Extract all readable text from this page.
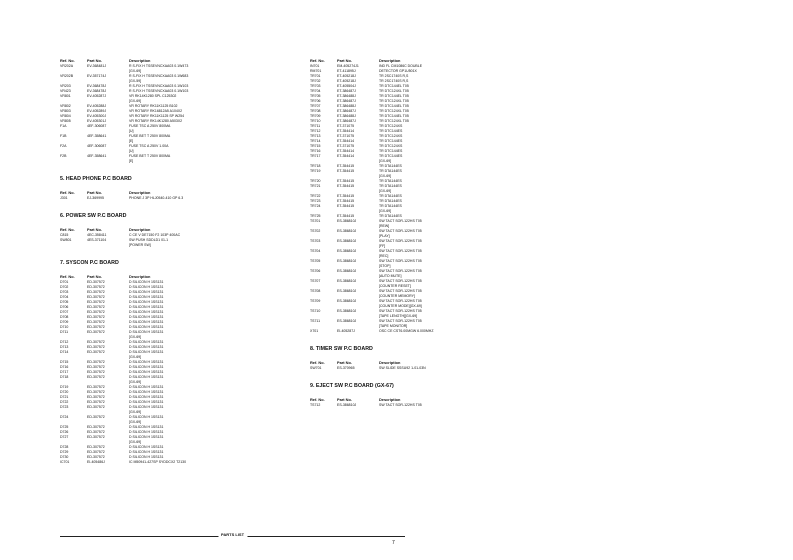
Ref. No.	Part No.	Description
VR202A	EV-368481J	R S-FIX H TSSEVNCXAA03 0.1W473
[GX-69]
VR202B	EV-357174J	R S-FIX H TSSEVNCXAA03 0.1W683
[GX-59]
VR203	EV-368478J	R S-FIX H TSSEVNCXAA03 0.1W103
VR423	EV-368478J	R S-FIX H TSSEVNCXAA03 0.1W103
VR801	EV-405287J	VR RK14K1280 SPL C125302
[GX-69]
VR802	EV-405288J	VR ROTARY RK11K1125 B102
VR803	EV-405289J	VR ROTARY RK16812A5 A104X2
VR804	EV-405300J	VR ROTARY RK11K1125 SP W254
VR805	EV-405301J	VR ROTARY RK14K1280 A503X2
F1A	4EF-306087	FUSE TSC A 250V 800MA
[U]
F1B	4EF-358641	FUSE BET T 250V 800MA
[E]
F2A	4EF-306087	FUSE TSC A 250V 1.00A
[U]
F2B	4EF-358641	FUSE BET T 250V 800MA
[E]
5. HEAD PHONE P.C BOARD
Ref. No.	Part No.	Description
J301	EJ-369995	PHONE J 3P HLJ0540-410 GP 6.3
6. POWER SW P.C BOARD
Ref. No.	Part No.	Description
C815	4EC-358411	C CE V DE7150 F2 103P 400AC
SW801	4ES-371104	SW PUSH SDDLD1 01-1
[POWER SW]
7. SYSCON P.C BOARD
Ref. No.	Part No.	Description
D701	ED-307572	D SILICON H 1SS131
D702	ED-307572	D SILICON H 1SS131
D703	ED-307572	D SILICON H 1SS131
D704	ED-307572	D SILICON H 1SS131
D705	ED-307572	D SILICON H 1SS131
D706	ED-307572	D SILICON H 1SS131
D707	ED-307572	D SILICON H 1SS131
D708	ED-307572	D SILICON H 1SS131
D709	ED-307572	D SILICON H 1SS131
D710	ED-307572	D SILICON H 1SS131
D711	ED-307572	D SILICON H 1SS131
[GX-69]
D712	ED-307572	D SILICON H 1SS131
D713	ED-307572	D SILICON H 1SS131
D714	ED-307572	D SILICON H 1SS131
[GX-69]
D715	ED-307572	D SILICON H 1SS131
D716	ED-307572	D SILICON H 1SS131
D717	ED-307572	D SILICON H 1SS131
D718	ED-307572	D SILICON H 1SS131
[GX-69]
D719	ED-307572	D SILICON H 1SS131
D720	ED-307572	D SILICON H 1SS131
D721	ED-307572	D SILICON H 1SS131
D722	ED-307572	D SILICON H 1SS131
D723	ED-307572	D SILICON H 1SS131
[GX-69]
D724	ED-307572	D SILICON H 1SS131
[GX-69]
D725	ED-307572	D SILICON H 1SS131
D726	ED-307572	D SILICON H 1SS131
D727	ED-307572	D SILICON H 1SS131
[GX-69]
D728	ED-307572	D SILICON H 1SS131
D729	ED-307572	D SILICON H 1SS131
D730	ED-307572	D SILICON H 1SS131
IC701	EI-405486J	IC M50941-427SP SYDDCX2 T2130
Ref. No.	Part No.	Description
IN701	EM-405274J1	IND FL CM1086C DOUBLE
RM701	ET-411895J	DETECTOR GP1U501X
TR701	ET-405218J	TR 2SC1740S R,S
TR702	ET-405218J	TR 2SC1740S R,S
TR703	ET-405504J	TR DTC144EL T05
TR704	ET-386487J	TR DTC124XL T05
TR705	ET-386488J	TR DTC144EL T05
TR706	ET-386487J	TR DTC124XL T05
TR707	ET-386488J	TR DTC144EL T05
TR708	ET-386487J	TR DTC124XL T05
TR709	ET-386488J	TR DTC144EL T05
TR710	ET-386487J	TR DTC124XL T05
TR711	ET-371075	TR DTC124XS
TR712	ET-354414	TR DTC144ES
TR713	ET-371075	TR DTC124XS
TR714	ET-354414	TR DTC144ES
TR715	ET-371075	TR DTC124XS
TR716	ET-354414	TR DTC144ES
TR717	ET-354414	TR DTC144ES
[GX-69]
TR718	ET-354415	TR DTA144ES
TR719	ET-354415	TR DTA144ES
[GX-69]
TR720	ET-354415	TR DTA144ES
TR721	ET-354415	TR DTA144ES
[GX-69]
TR722	ET-354415	TR DTA144ES
TR723	ET-354415	TR DTA144ES
TR724	ET-354415	TR DTA144ES
[GX-69]
TR725	ET-354415	TR DTA144ES
TS701	ES-386810J	SW TACT SOR-122HS T05
[REW]
TS702	ES-386810J	SW TACT SOR-122HS T05
[PLAY]
TS703	ES-386810J	SW TACT SOR-122HS T05
[FF]
TS704	ES-386810J	SW TACT SOR-122HS T05
[REC]
TS705	ES-386810J	SW TACT SOR-122HS T05
[STOP]
TS706	ES-386810J	SW TACT SOR-122HS T05
[AUTO MUTE]
TS707	ES-386810J	SW TACT SOR-122HS T05
[COUNTER RESET]
TS708	ES-386810J	SW TACT SOR-122HS T05
[COUNTER MEMORY]
TS709	ES-386810J	SW TACT SOR-122HS T05
[COUNTER MODE][GX-69]
TS710	ES-386810J	SW TACT SOR-122HS T05
[TAPE LENGTH][GX-69]
TS711	ES-386810J	SW TACT SOR-122HS T05
[TAPE MONITOR]
X701	EI-405287J	OSC CE CST6.00MGW 6.000MHZ
8. TIMER SW P.C BOARD
Ref. No.	Part No.	Description
SW701	ES-370965	SW SLIDE SSSU92 1-01-03N
9. EJECT SW P.C BOARD (GX-67)
Ref. No.	Part No.	Description
TS712	ES-386810J	SW TACT SOR-122HS T05
PARTS LIST
7
